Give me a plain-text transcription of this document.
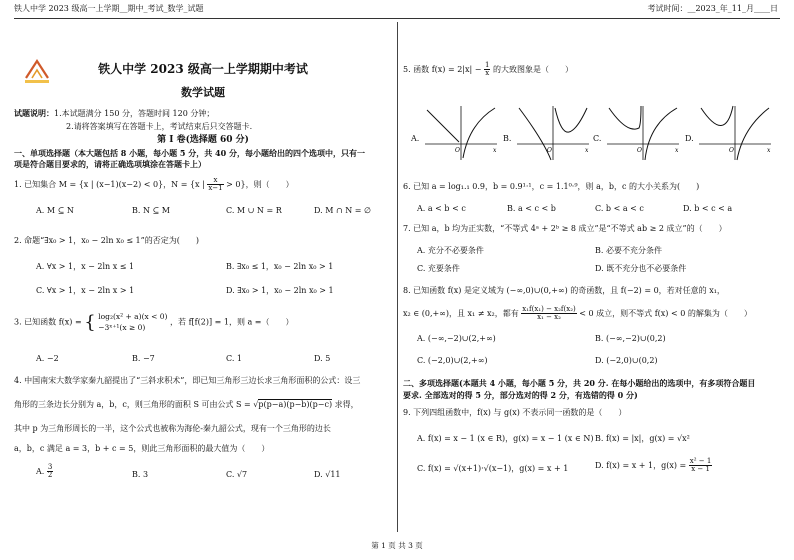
铁人中学 2023 级高一上学期__期中_考试_数学_试题	考试时间：__2023_年_11_月____日
铁人中学 2023 级高一上学期期中考试
数学试题
试题说明：1.本试题满分 150 分，答题时间 120 分钟；
2.请将答案填写在答题卡上，考试结束后只交答题卡.
第 I 卷(选择题 60 分)
一、单项选择题（本大题包括 8 小题，每小题 5 分，共 40 分，每小题给出的四个选项中，只有一
项是符合题目要求的，请将正确选项填涂在答题卡上）
1. 已知集合 M = {x | (x−1)(x−2) < 0}，N = {x | $\frac{x}{x-1} > 0$}，则（　　）
A. M ⊆ N	B. N ⊆ M	C. M ∪ N = R	D. M ∩ N = ∅
2. 命题“∃x₀ > 1，x₀ − 2ln x₀ ≤ 1”的否定为(　　)
A. ∀x > 1，x − 2ln x ≤ 1	B. ∃x₀ ≤ 1，x₀ − 2ln x₀ > 1
C. ∀x > 1，x − 2ln x > 1	D. ∃x₀ > 1，x₀ − 2ln x₀ > 1
3. 已知函数 f(x) = { log₂(x² + a)(x < 0)
−3ˣ⁺¹(x ≥ 0)
，若 f[f(2)] = 1，则 a =（　　）
A. −2	B. −7	C. 1	D. 5
4. 中国南宋大数学家秦九韶提出了“三斜求积术”，即已知三角形三边长求三角形面积的公式：设三
角形的三条边长分别为 a，b，c，则三角形的面积 S 可由公式 S = √p(p−a)(p−b)(p−c) 求得，
其中 p 为三角形周长的一半，这个公式也被称为海伦-秦九韶公式，现有一个三角形的边长
a，b，c 满足 a = 3，b + c = 5，则此三角形面积的最大值为（　　）
A. $\frac{3}{2}$	B. 3	C. √7	D. √11
5. 函数 $f(x) = 2|x| - \frac{1}{x}$ 的大致图象是（　　）
A.
O	x
B.
O	x
C.
O	x
D.
O	x
6. 已知 a = log₁.₁ 0.9，b = 0.9¹·¹，c = 1.1⁰·⁹，则 a，b，c 的大小关系为(　　)
A. a < b < c	B. a < c < b	C. b < a < c	D. b < c < a
7. 已知 a，b 均为正实数，“不等式 4ᵃ + 2ᵇ ≥ 8 成立”是“不等式 ab ≥ 2 成立”的（　　）
A. 充分不必要条件	B. 必要不充分条件
C. 充要条件	D. 既不充分也不必要条件
8. 已知函数 f(x) 是定义域为 (−∞,0)∪(0,+∞) 的奇函数，且 f(−2) = 0，若对任意的 x₁，
x₂ ∈ (0,+∞)，且 x₁ ≠ x₂，都有 $\frac{\text{x₁f(x₁) − x₂f(x₂)}}{\text{x₁ − x₂}} < 0$ 成立，则不等式 f(x) < 0 的解集为（　　）
A. (−∞,−2)∪(2,+∞)	B. (−∞,−2)∪(0,2)
C. (−2,0)∪(2,+∞)	D. (−2,0)∪(0,2)
二、多项选择题(本题共 4 小题，每小题 5 分，共 20 分. 在每小题给出的选项中，有多项符合题目
要求. 全部选对的得 5 分，部分选对的得 2 分，有选错的得 0 分)
9. 下列四组函数中，f(x) 与 g(x) 不表示同一函数的是（　　）
A. f(x) = x − 1 (x ∈ R)，g(x) = x − 1 (x ∈ N) B. f(x) = |x|，g(x) = √x²
C. f(x) = √(x+1)·√(x−1)，g(x) = x + 1	D. f(x) = x + 1，$g(x) = \frac{\text{x² − 1}}{x - 1}$
第 1 页 共 3 页
